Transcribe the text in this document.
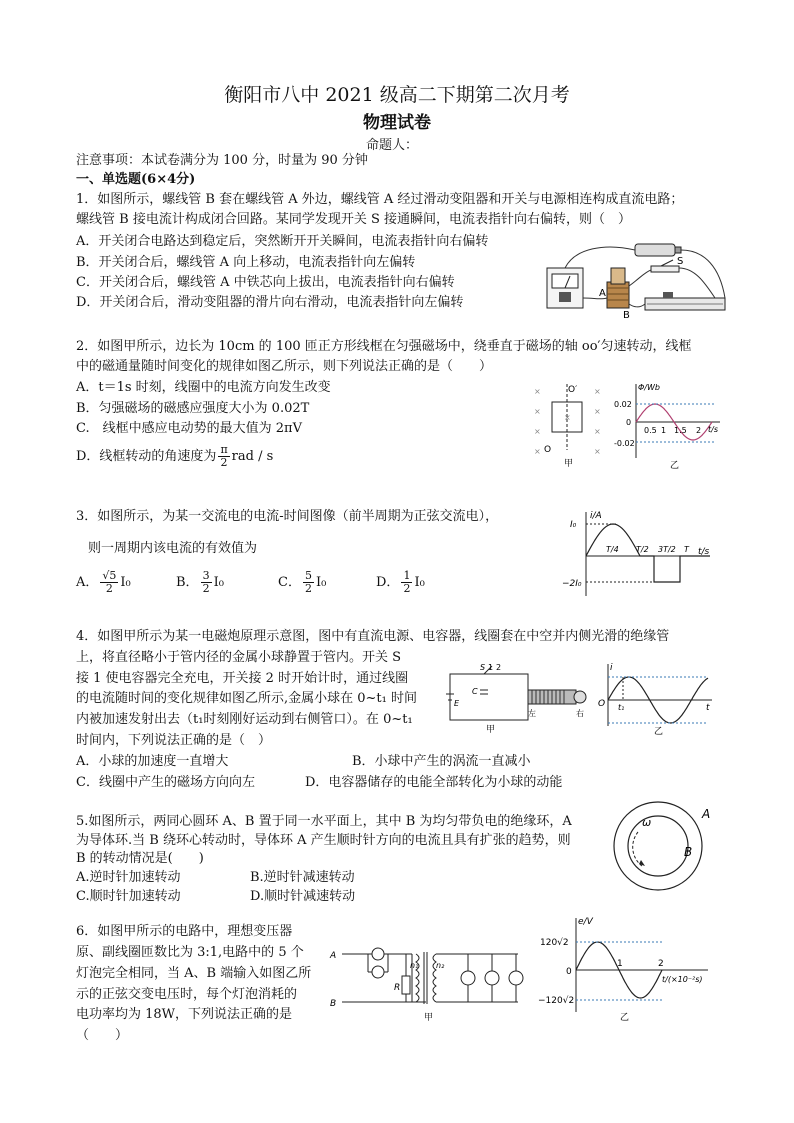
衡阳市八中 2021 级高二下期第二次月考
物理试卷
命题人：
注意事项：本试卷满分为 100 分，时量为 90 分钟
一、单选题(6×4分)
1．如图所示，螺线管 B 套在螺线管 A 外边，螺线管 A 经过滑动变阻器和开关与电源相连构成直流电路；
螺线管 B 接电流计构成闭合回路。某同学发现开关 S 接通瞬间，电流表指针向右偏转，则（　）
A．开关闭合电路达到稳定后，突然断开开关瞬间，电流表指针向右偏转
B．开关闭合后，螺线管 A 向上移动，电流表指针向左偏转
C．开关闭合后，螺线管 A 中铁芯向上拔出，电流表指针向右偏转
D．开关闭合后，滑动变阻器的滑片向右滑动，电流表指针向左偏转
A
B
S
2．如图甲所示，边长为 10cm 的 100 匝正方形线框在匀强磁场中，绕垂直于磁场的轴 oo′匀速转动，线框
中的磁通量随时间变化的规律如图乙所示，则下列说法正确的是（　　）
A．t＝1s 时刻，线圈中的电流方向发生改变
B．匀强磁场的磁感应强度大小为 0.02T
C.　线框中感应电动势的最大值为 2πV
D．线框转动的角速度为 $\frac{\pi}{2}$ rad / s
×	×
×	×
×	×
×	×
×
O′
O
甲
Φ/Wb
t/s
0.02
0
-0.02
0.5 1 1.5 2
乙
3．如图所示，为某一交流电的电流-时间图像（前半周期为正弦交流电），
则一周期内该电流的有效值为
A． $\frac{√5}{2} I_0$	B． $\frac{3}{2} I_0$	C． $\frac{5}{2} I_0$	D． $\frac{1}{2} I_0$
i/A
t/s
I₀
−2I₀
T/4 T/2 3T/2 T
4．如图甲所示为某一电磁炮原理示意图，图中有直流电源、电容器，线圈套在中空并内侧光滑的绝缘管
上，将直径略小于管内径的金属小球静置于管内。开关 S
接 1 使电容器完全充电，开关接 2 时开始计时，通过线圈
的电流随时间的变化规律如图乙所示,金属小球在 0~t₁ 时间
内被加速发射出去（t₁时刻刚好运动到右侧管口）。在 0~t₁
时间内，下列说法正确的是（　）
A．小球的加速度一直增大	B．小球中产生的涡流一直减小
C．线圈中产生的磁场方向向左	D．电容器储存的电能全部转化为小球的动能
S 1 2
C
E
左	右
甲
i
O t₁	t
乙
5.如图所示，两同心圆环 A、B 置于同一水平面上，其中 B 为均匀带负电的绝缘环，A
为导体环.当 B 绕环心转动时，导体环 A 产生顺时针方向的电流且具有扩张的趋势，则
B 的转动情况是(　　)
A.逆时针加速转动	B.逆时针减速转动
C.顺时针加速转动	D.顺时针减速转动
ω
A
B
6．如图甲所示的电路中，理想变压器
原、副线圈匝数比为 3:1,电路中的 5 个
灯泡完全相同，当 A、B 端输入如图乙所
示的正弦交变电压时，每个灯泡消耗的
电功率均为 18W，下列说法正确的是
（　　）
A
B
R
n₁ n₂
甲
e/V
120√2
−120√2
0
1	2
t/(×10⁻²s)
乙
